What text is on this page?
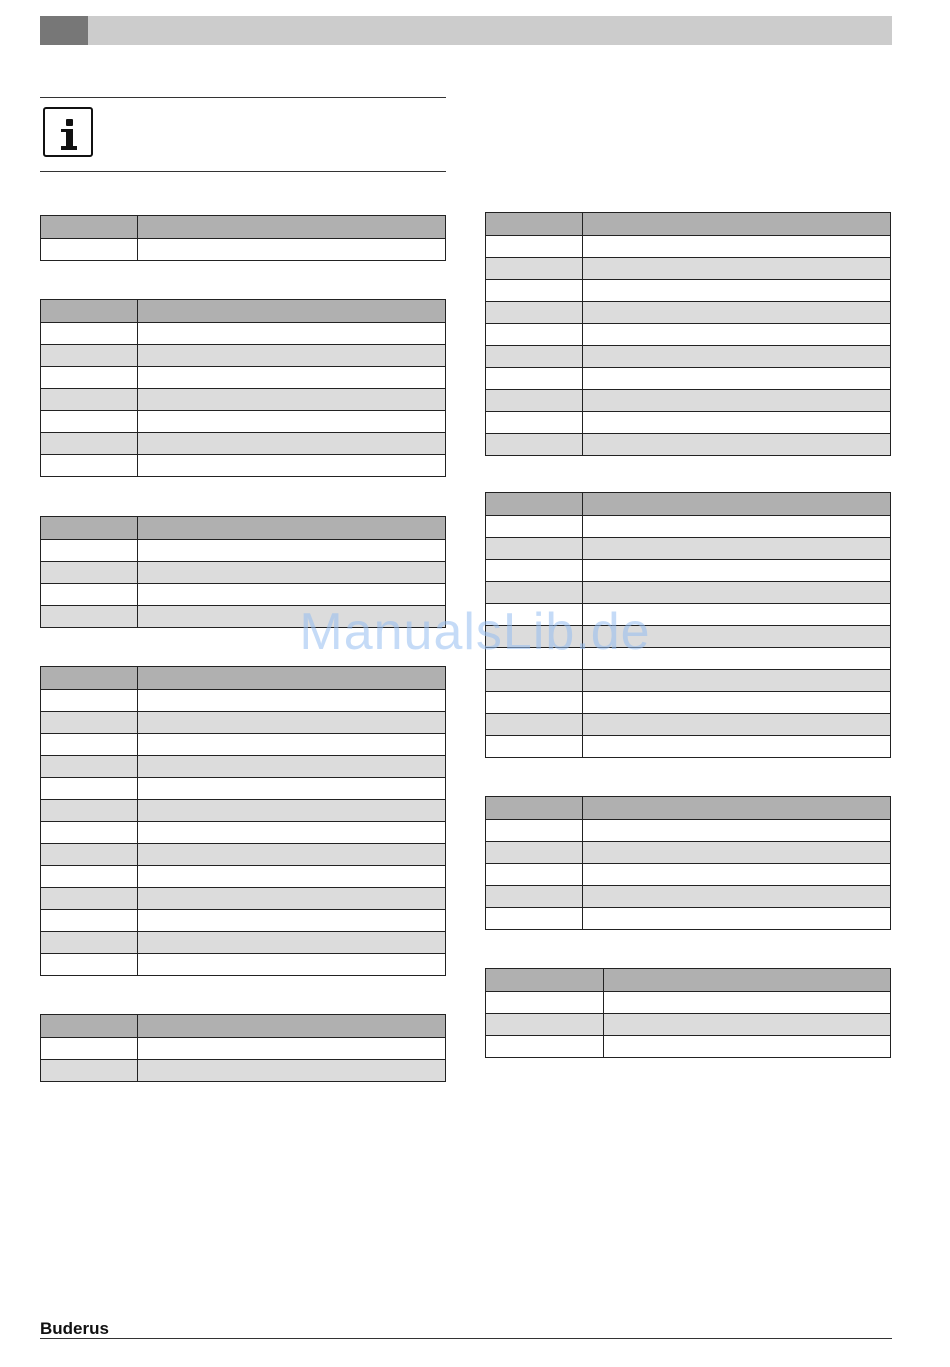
ManualsLib.de
Buderus
